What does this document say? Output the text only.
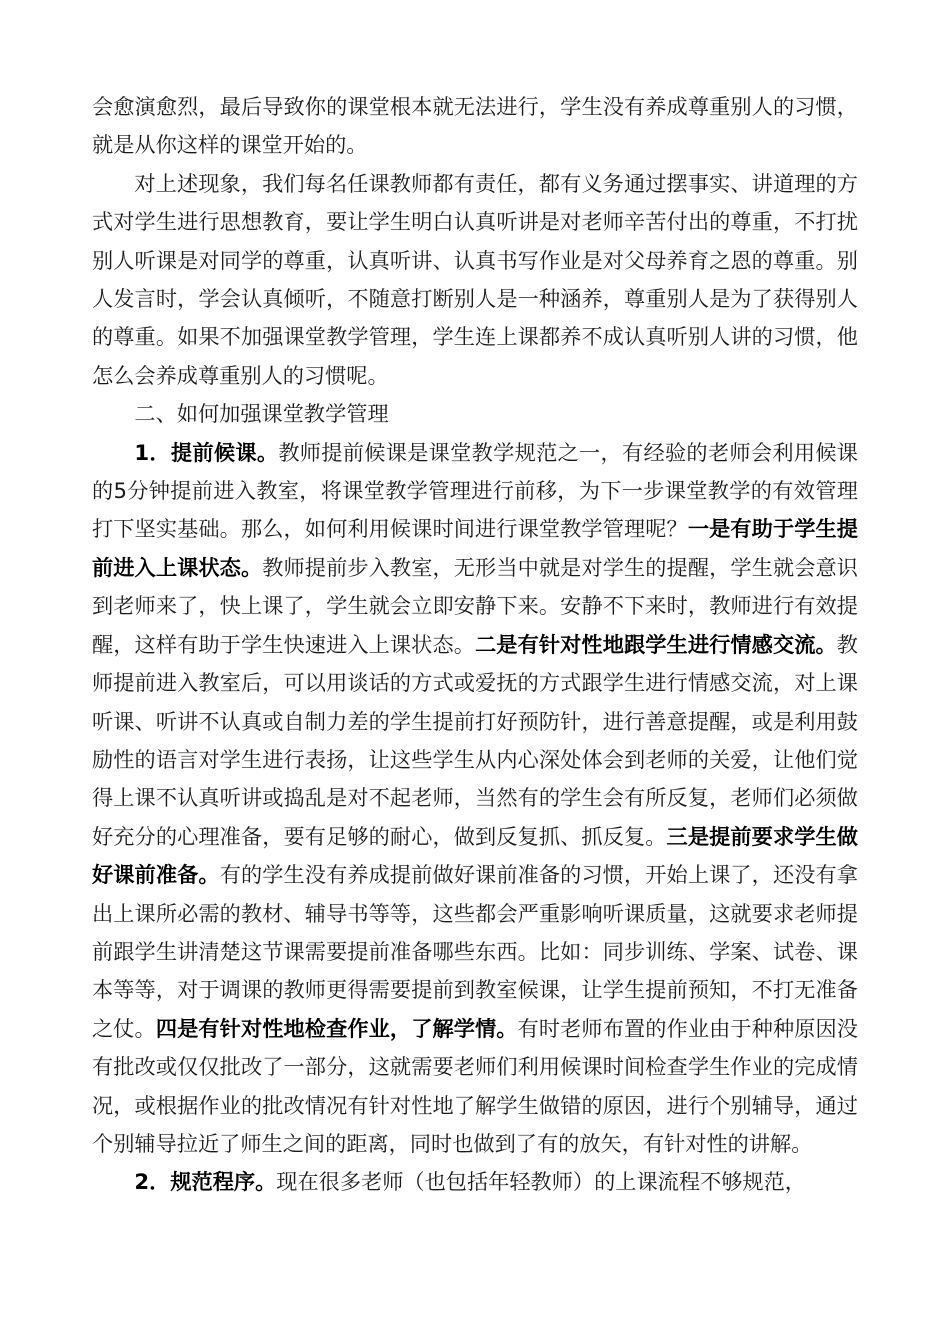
会愈演愈烈，最后导致你的课堂根本就无法进行，学生没有养成尊重别人的习惯，就是从你这样的课堂开始的。

对上述现象，我们每名任课教师都有责任，都有义务通过摆事实、讲道理的方式对学生进行思想教育，要让学生明白认真听讲是对老师辛苦付出的尊重，不打扰别人听课是对同学的尊重，认真听讲、认真书写作业是对父母养育之恩的尊重。别人发言时，学会认真倾听，不随意打断别人是一种涵养，尊重别人是为了获得别人的尊重。如果不加强课堂教学管理，学生连上课都养不成认真听别人讲的习惯，他怎么会养成尊重别人的习惯呢。

二、如何加强课堂教学管理

1．提前候课。教师提前候课是课堂教学规范之一，有经验的老师会利用候课的5分钟提前进入教室，将课堂教学管理进行前移，为下一步课堂教学的有效管理打下坚实基础。那么，如何利用候课时间进行课堂教学管理呢？一是有助于学生提前进入上课状态。教师提前步入教室，无形当中就是对学生的提醒，学生就会意识到老师来了，快上课了，学生就会立即安静下来。安静不下来时，教师进行有效提醒，这样有助于学生快速进入上课状态。二是有针对性地跟学生进行情感交流。教师提前进入教室后，可以用谈话的方式或爱抚的方式跟学生进行情感交流，对上课听课、听讲不认真或自制力差的学生提前打好预防针，进行善意提醒，或是利用鼓励性的语言对学生进行表扬，让这些学生从内心深处体会到老师的关爱，让他们觉得上课不认真听讲或捣乱是对不起老师，当然有的学生会有所反复，老师们必须做好充分的心理准备，要有足够的耐心，做到反复抓、抓反复。三是提前要求学生做好课前准备。有的学生没有养成提前做好课前准备的习惯，开始上课了，还没有拿出上课所必需的教材、辅导书等等，这些都会严重影响听课质量，这就要求老师提前跟学生讲清楚这节课需要提前准备哪些东西。比如：同步训练、学案、试卷、课本等等，对于调课的教师更得需要提前到教室候课，让学生提前预知，不打无准备之仗。四是有针对性地检查作业，了解学情。有时老师布置的作业由于种种原因没有批改或仅仅批改了一部分，这就需要老师们利用候课时间检查学生作业的完成情况，或根据作业的批改情况有针对性地了解学生做错的原因，进行个别辅导，通过个别辅导拉近了师生之间的距离，同时也做到了有的放矢，有针对性的讲解。

2．规范程序。现在很多老师（也包括年轻教师）的上课流程不够规范，
